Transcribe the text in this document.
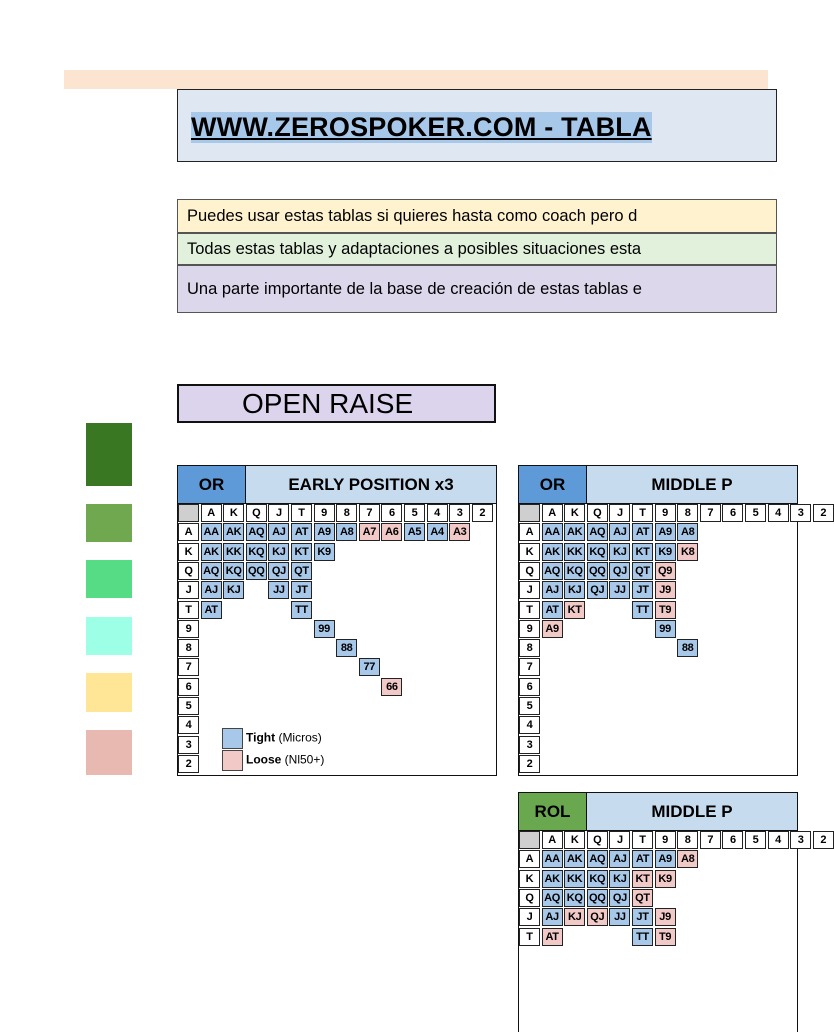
WWW.ZEROSPOKER.COM - TABLA
Puedes usar estas tablas si quieres hasta como coach pero d
Todas estas tablas y adaptaciones a posibles situaciones esta
Una parte importante de la base de creación de estas tablas e
OPEN RAISE
OR	EARLY POSITION x3
A	K	Q	J	T	9	8	7	6	5	4	3	2
A	AA AK AQ AJ AT A9 A8 A7 A6 A5 A4 A3
K	AK KK KQ KJ KT K9
Q AQ KQ QQ QJ QT
J	AJ KJ	JJ JT
T	AT	TT
9	99
8	88
7	77
6	66
5
4
3
2
Tight (Micros)
Loose (Nl50+)
OR	MIDDLE P
A	K	Q	J	T	9	8	7	6	5	4	3	2
A	AA AK AQ AJ AT A9 A8
K	AK KK KQ KJ KT K9 K8
Q AQ KQ QQ QJ QT Q9
J	AJ KJ QJ JJ JT J9
T	AT KT	TT T9
9	A9	99
8	88
7
6
5
4
3
2
ROL	MIDDLE P
A	K	Q	J	T	9	8	7	6	5	4	3	2
A	AA AK AQ AJ AT A9 A8
K	AK KK KQ KJ KT K9
Q AQ KQ QQ QJ QT
J	AJ KJ QJ JJ JT J9
T	AT	TT T9
